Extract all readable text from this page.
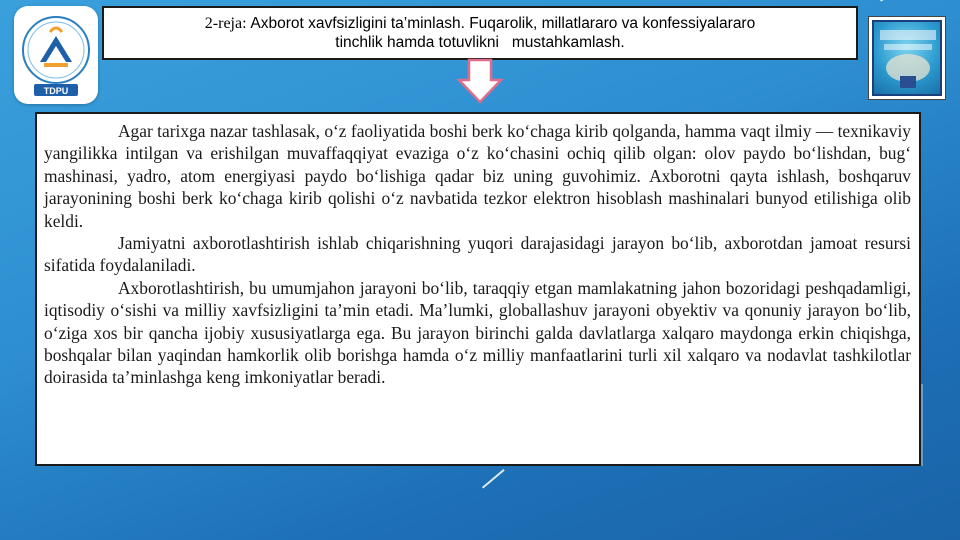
TDPU
2-reja: Axborot xavfsizligini ta’minlash. Fuqarolik, millatlararo va konfessiyalararo
tinchlik hamda totuvlikni   mustahkamlash.

Agar tarixga nazar tashlasak, o‘z faoliyatida boshi berk ko‘chaga kirib qolganda, hamma vaqt ilmiy — texnikaviy yangilikka intilgan va erishilgan muvaffaqqiyat evaziga o‘z ko‘chasini ochiq qilib olgan: olov paydo bo‘lishdan, bug‘ mashinasi, yadro, atom energiyasi paydo bo‘lishiga qadar biz uning guvohimiz. Axborotni qayta ishlash, boshqaruv jarayonining boshi berk ko‘chaga kirib qolishi o‘z navbatida tezkor elektron hisoblash mashinalari bunyod etilishiga olib keldi.

Jamiyatni axborotlashtirish ishlab chiqarishning yuqori darajasidagi jarayon bo‘lib, axborotdan jamoat resursi sifatida foydalaniladi.

Axborotlashtirish, bu umumjahon jarayoni bo‘lib, taraqqiy etgan mamlakatning jahon bozoridagi peshqadamligi, iqtisodiy o‘sishi va milliy xavfsizligini ta’min etadi. Ma’lumki, globallashuv jarayoni obyektiv va qonuniy jarayon bo‘lib, o‘ziga xos bir qancha ijobiy xususiyatlarga ega. Bu jarayon birinchi galda davlatlarga xalqaro maydonga erkin chiqishga, boshqalar bilan yaqindan hamkorlik olib borishga hamda o‘z milliy manfaatlarini turli xil xalqaro va nodavlat tashkilotlar doirasida ta’minlashga keng imkoniyatlar beradi.
